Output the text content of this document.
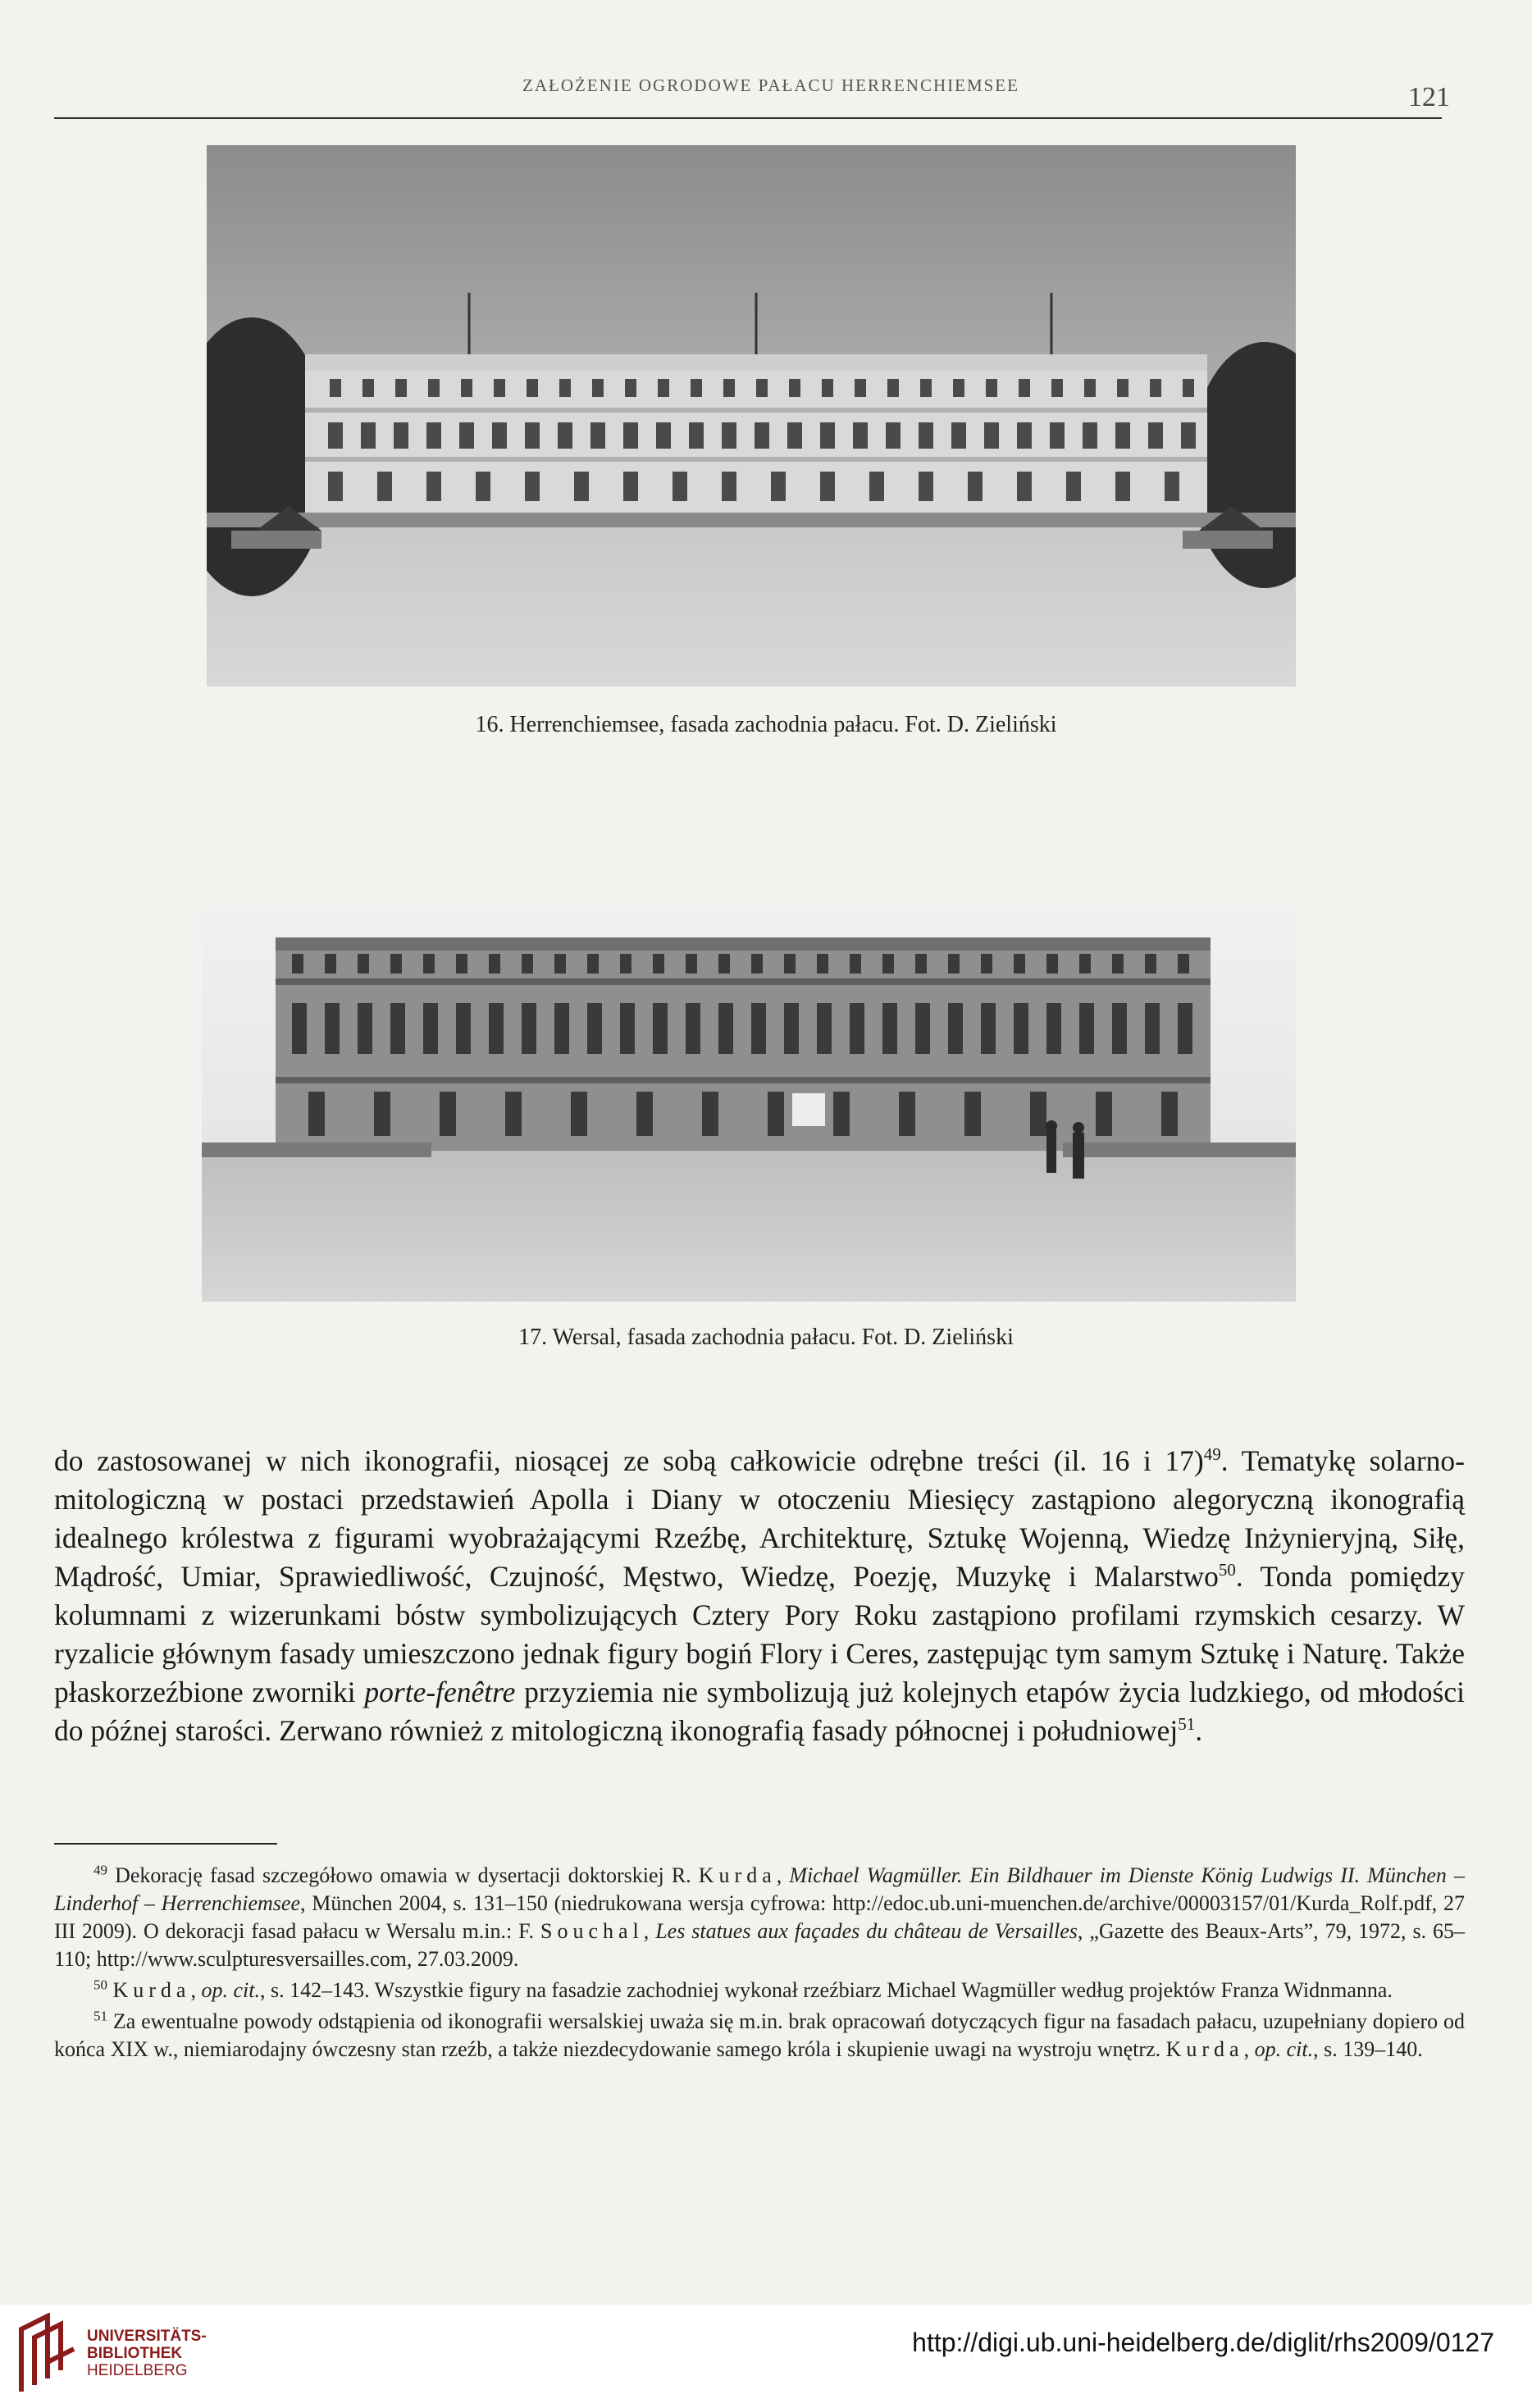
ZAŁOŻENIE OGRODOWE PAŁACU HERRENCHIEMSEE	121
16. Herrenchiemsee, fasada zachodnia pałacu. Fot. D. Zieliński
17. Wersal, fasada zachodnia pałacu. Fot. D. Zieliński
do zastosowanej w nich ikonografii, niosącej ze sobą całkowicie odrębne treści (il. 16 i 17)$^{49}$. Tematykę solarno-mitologiczną w postaci przedstawień Apolla i Diany w otoczeniu Miesięcy zastąpiono alegoryczną ikonografią idealnego królestwa z figurami wyobrażającymi Rzeźbę, Architekturę, Sztukę Wojenną, Wiedzę Inżynieryjną, Siłę, Mądrość, Umiar, Sprawiedliwość, Czujność, Męstwo, Wiedzę, Poezję, Muzykę i Malarstwo$^{50}$. Tonda pomiędzy kolumnami z wizerunkami bóstw symbolizujących Cztery Pory Roku zastąpiono profilami rzymskich cesarzy. W ryzalicie głównym fasady umieszczono jednak figury bogiń Flory i Ceres, zastępując tym samym Sztukę i Naturę. Także płaskorzeźbione zworniki porte-fenêtre przyziemia nie symbolizują już kolejnych etapów życia ludzkiego, od młodości do późnej starości. Zerwano również z mitologiczną ikonografią fasady północnej i południowej$^{51}$.

$^{49}$ Dekorację fasad szczegółowo omawia w dysertacji doktorskiej R. Kurda, Michael Wagmüller. Ein Bildhauer im Dienste König Ludwigs II. München – Linderhof – Herrenchiemsee, München 2004, s. 131–150 (niedrukowana wersja cyfrowa: http://edoc.ub.uni-muenchen.de/archive/00003157/01/Kurda_Rolf.pdf, 27 III 2009). O dekoracji fasad pałacu w Wersalu m.in.: F. Souchal, Les statues aux façades du château de Versailles, „Gazette des Beaux-Arts”, 79, 1972, s. 65–110; http://www.sculpturesversailles.com, 27.03.2009.

$^{50}$ Kurda, op. cit., s. 142–143. Wszystkie figury na fasadzie zachodniej wykonał rzeźbiarz Michael Wagmüller według projektów Franza Widnmanna.

$^{51}$ Za ewentualne powody odstąpienia od ikonografii wersalskiej uważa się m.in. brak opracowań dotyczących figur na fasadach pałacu, uzupełniany dopiero od końca XIX w., niemiarodajny ówczesny stan rzeźb, a także niezdecydowanie samego króla i skupienie uwagi na wystroju wnętrz. Kurda, op. cit., s. 139–140.

UNIVERSITÄTS-
BIBLIOTHEK
HEIDELBERG
http://digi.ub.uni-heidelberg.de/diglit/rhs2009/0127
